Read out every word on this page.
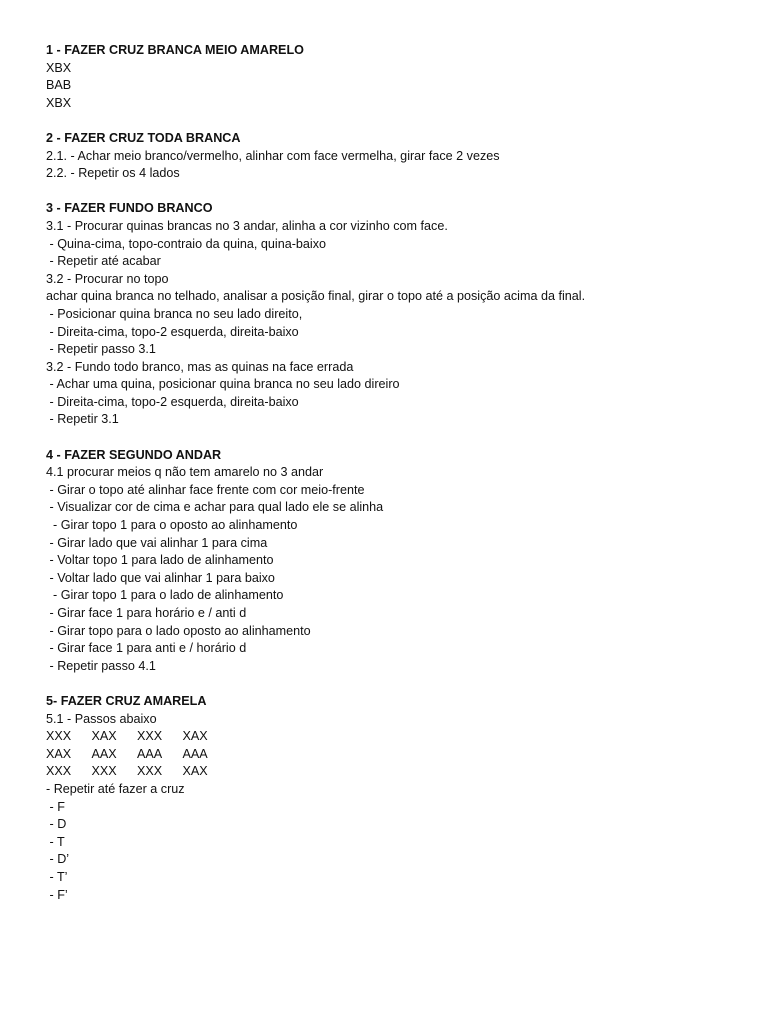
1 - FAZER CRUZ BRANCA MEIO AMARELO
XBX
BAB
XBX
2 - FAZER CRUZ TODA BRANCA
2.1. - Achar meio branco/vermelho, alinhar com face vermelha, girar face 2 vezes
2.2. - Repetir os 4 lados
3 - FAZER FUNDO BRANCO
3.1 - Procurar quinas brancas no 3 andar, alinha a cor vizinho com face.
- Quina-cima, topo-contraio da quina, quina-baixo
- Repetir até acabar
3.2 - Procurar no topo
achar quina branca no telhado, analisar a posição final, girar o topo até a posição acima da final.
- Posicionar quina branca no seu lado direito,
- Direita-cima, topo-2 esquerda, direita-baixo
- Repetir passo 3.1
3.2 - Fundo todo branco, mas as quinas na face errada
- Achar uma quina, posicionar quina branca no seu lado direiro
- Direita-cima, topo-2 esquerda, direita-baixo
- Repetir 3.1
4 - FAZER SEGUNDO ANDAR
4.1 procurar meios q não tem amarelo no 3 andar
- Girar o topo até alinhar face frente com cor meio-frente
- Visualizar cor de cima e achar para qual lado ele se alinha
- Girar topo 1 para o oposto ao alinhamento
- Girar lado que vai alinhar 1 para cima
- Voltar topo 1 para lado de alinhamento
- Voltar lado que vai alinhar 1 para baixo
- Girar topo 1 para o lado de alinhamento
- Girar face 1 para horário e / anti d
- Girar topo para o lado oposto ao alinhamento
- Girar face 1 para anti e / horário d
- Repetir passo 4.1
5- FAZER CRUZ AMARELA
5.1 - Passos abaixo
XXX	XAX	XXX	XAX
XAX	AAX	AAA	AAA
XXX	XXX	XXX	XAX
- Repetir até fazer a cruz
- F
- D
- T
- D’
- T’
- F’
